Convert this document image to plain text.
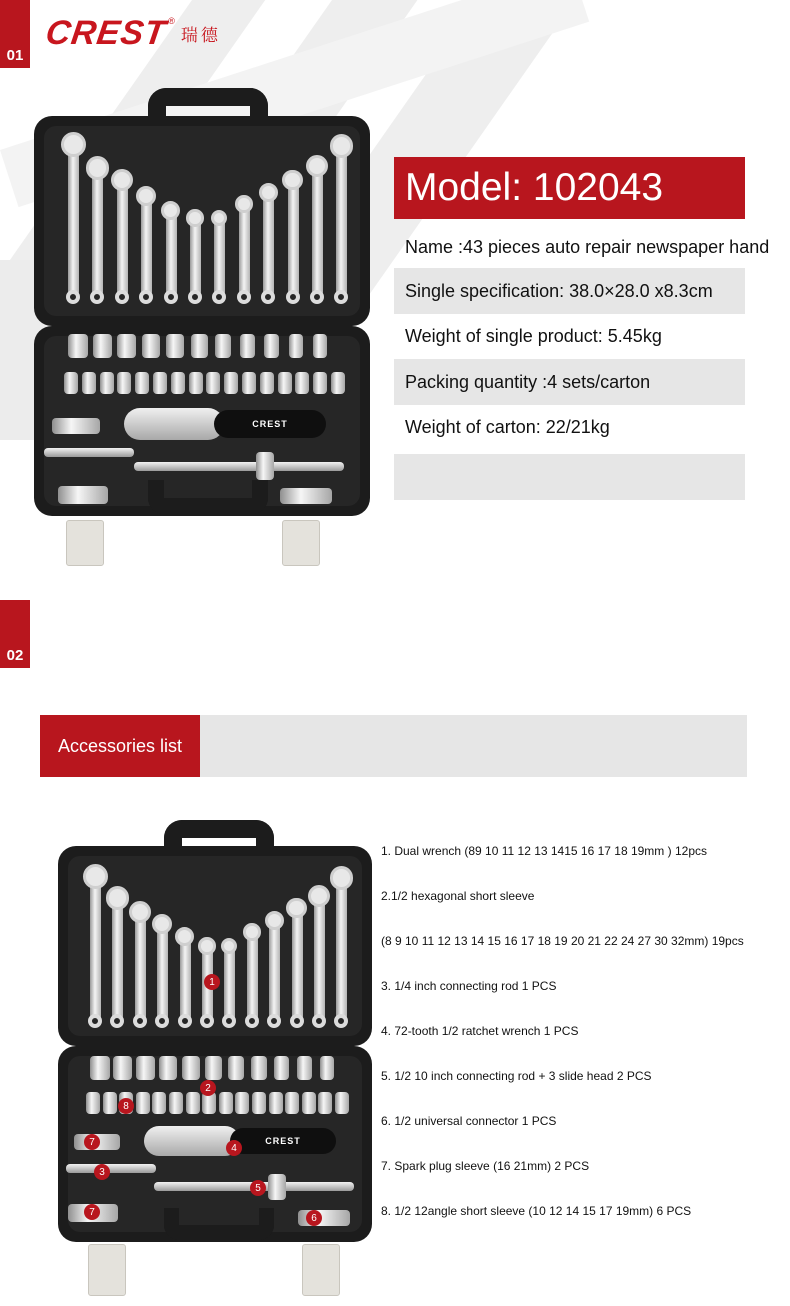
01
CREST ®
瑞德
CREST
Model: 102043
Name :43 pieces auto repair newspaper hand
Single specification: 38.0×28.0 x8.3cm
Weight of single product: 5.45kg
Packing quantity :4 sets/carton
Weight of carton: 22/21kg
02
Accessories list
CREST
1
2
3
4
5
6
7
7
8
1. Dual wrench (89 10 11 12 13 1415 16 17 18 19mm ) 12pcs
2.1/2 hexagonal short sleeve
(8 9 10 11 12 13 14 15 16 17 18 19 20 21 22 24 27 30 32mm) 19pcs
3. 1/4 inch connecting rod 1 PCS
4. 72-tooth 1/2 ratchet wrench 1 PCS
5. 1/2 10 inch connecting rod + 3 slide head 2 PCS
6. 1/2 universal connector 1 PCS
7. Spark plug sleeve (16 21mm) 2 PCS
8. 1/2 12angle short sleeve (10 12 14 15 17 19mm) 6 PCS
